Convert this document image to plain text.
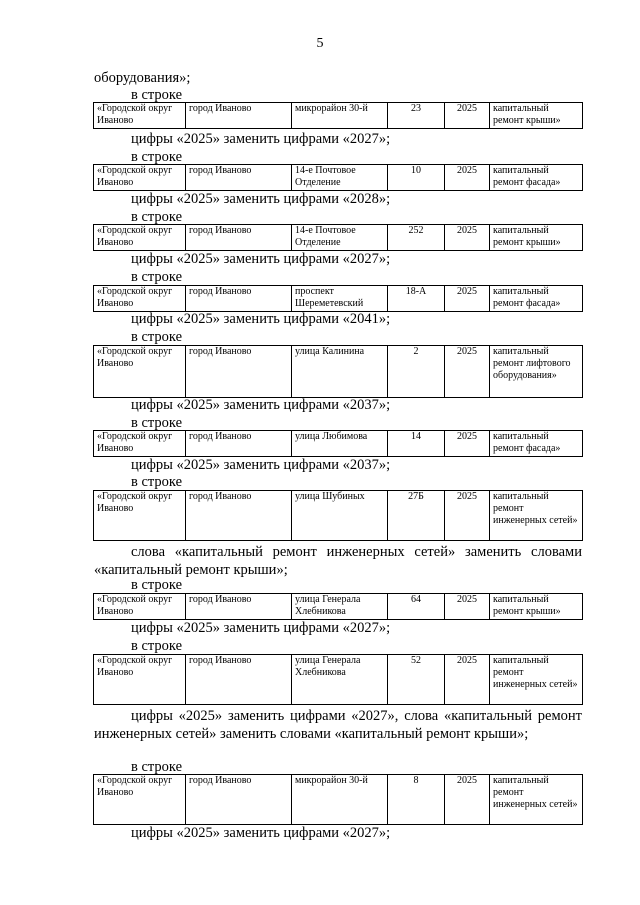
5
оборудования»;
в строке
«Городской округ Иваново	город Иваново	микрорайон 30-й	23	2025	капитальный ремонт крыши»
цифры «2025» заменить цифрами «2027»;
в строке
«Городской округ Иваново	город Иваново	14-е Почтовое Отделение	10	2025	капитальный ремонт фасада»
цифры «2025» заменить цифрами «2028»;
в строке
«Городской округ Иваново	город Иваново	14-е Почтовое Отделение	252	2025	капитальный ремонт крыши»
цифры «2025» заменить цифрами «2027»;
в строке
«Городской округ Иваново	город Иваново	проспект Шереметевский	18-А	2025	капитальный ремонт фасада»
цифры «2025» заменить цифрами «2041»;
в строке
«Городской округ Иваново	город Иваново	улица Калинина	2	2025	капитальный ремонт лифтового оборудования»
цифры «2025» заменить цифрами «2037»;
в строке
«Городской округ Иваново	город Иваново	улица Любимова	14	2025	капитальный ремонт фасада»
цифры «2025» заменить цифрами «2037»;
в строке
«Городской округ Иваново	город Иваново	улица Шубиных	27Б	2025	капитальный ремонт инженерных сетей»
слова «капитальный ремонт инженерных сетей» заменить словами «капитальный ремонт крыши»;
в строке
«Городской округ Иваново	город Иваново	улица Генерала Хлебникова	64	2025	капитальный ремонт крыши»
цифры «2025» заменить цифрами «2027»;
в строке
«Городской округ Иваново	город Иваново	улица Генерала Хлебникова	52	2025	капитальный ремонт инженерных сетей»
цифры «2025» заменить цифрами «2027», слова «капитальный ремонт инженерных сетей» заменить словами «капитальный ремонт крыши»;
в строке
«Городской округ Иваново	город Иваново	микрорайон 30-й	8	2025	капитальный ремонт инженерных сетей»
цифры «2025» заменить цифрами «2027»;
